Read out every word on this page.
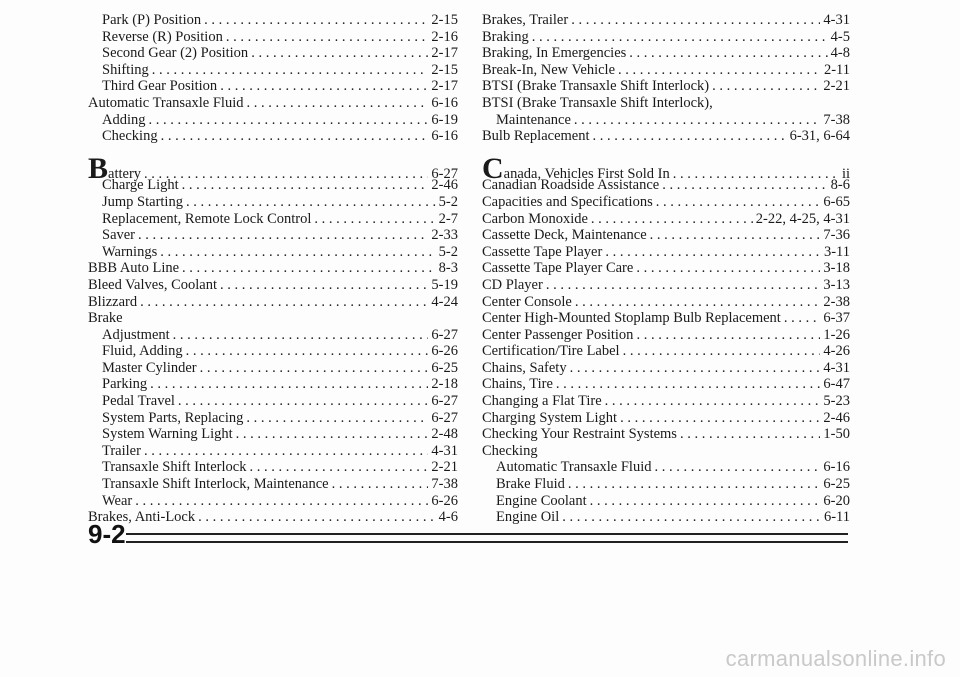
Park (P) Position . . .	2-15
Reverse (R) Position . . .	2-16
Second Gear (2) Position . . .	2-17
Shifting . . .	2-15
Third Gear Position . . .	2-17
Automatic Transaxle Fluid . . .	6-16
Adding . . .	6-19
Checking . . .	6-16
Battery . . .	6-27
Charge Light . . .	2-46
Jump Starting . . .	5-2
Replacement, Remote Lock Control . . .	2-7
Saver . . .	2-33
Warnings . . .	5-2
BBB Auto Line . . .	8-3
Bleed Valves, Coolant . . .	5-19
Blizzard . . .	4-24
Brake
Adjustment . . .	6-27
Fluid, Adding . . .	6-26
Master Cylinder . . .	6-25
Parking . . .	2-18
Pedal Travel . . .	6-27
System Parts, Replacing . . .	6-27
System Warning Light . . .	2-48
Trailer . . .	4-31
Transaxle Shift Interlock . . .	2-21
Transaxle Shift Interlock, Maintenance . . .	7-38
Wear . . .	6-26
Brakes, Anti-Lock . . .	4-6
Brakes, Trailer . . .	4-31
Braking . . .	4-5
Braking, In Emergencies . . .	4-8
Break-In, New Vehicle . . .	2-11
BTSI (Brake Transaxle Shift Interlock) . . .	2-21
BTSI (Brake Transaxle Shift Interlock),
Maintenance . . .	7-38
Bulb Replacement . . .	6-31, 6-64
Canada, Vehicles First Sold In . . .	ii
Canadian Roadside Assistance . . .	8-6
Capacities and Specifications . . .	6-65
Carbon Monoxide . . .	2-22, 4-25, 4-31
Cassette Deck, Maintenance . . .	7-36
Cassette Tape Player . . .	3-11
Cassette Tape Player Care . . .	3-18
CD Player . . .	3-13
Center Console . . .	2-38
Center High-Mounted Stoplamp Bulb Replacement . . .	6-37
Center Passenger Position . . .	1-26
Certification/Tire Label . . .	4-26
Chains, Safety . . .	4-31
Chains, Tire . . .	6-47
Changing a Flat Tire . . .	5-23
Charging System Light . . .	2-46
Checking Your Restraint Systems . . .	1-50
Checking
Automatic Transaxle Fluid . . .	6-16
Brake Fluid . . .	6-25
Engine Coolant . . .	6-20
Engine Oil . . .	6-11
9-2
carmanualsonline.info
